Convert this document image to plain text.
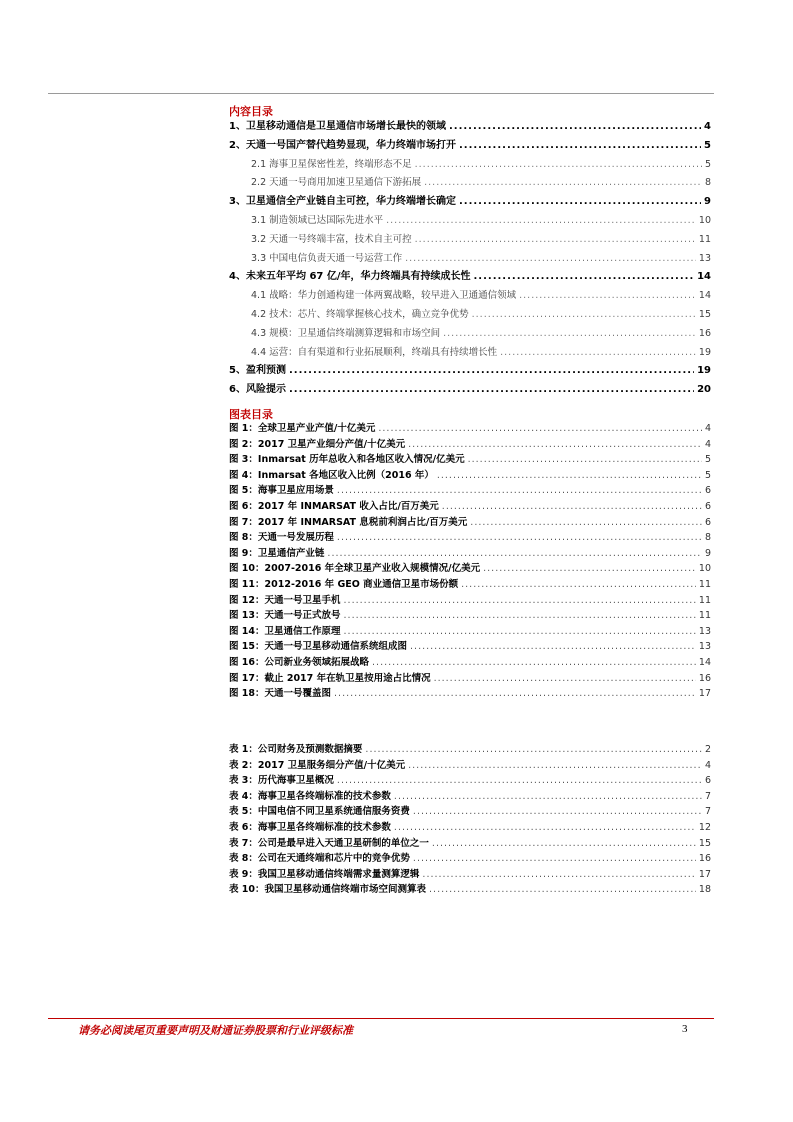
内容目录
1、 卫星移动通信是卫星通信市场增长最快的领域 .....	4
2、 天通一号国产替代趋势显现，华力终端市场打开 .....	5
2.1 海事卫星保密性差，终端形态不足 .....	5
2.2 天通一号商用加速卫星通信下游拓展 .....	8
3、 卫星通信全产业链自主可控，华力终端增长确定 .....	9
3.1 制造领域已达国际先进水平 .....	10
3.2 天通一号终端丰富，技术自主可控 .....	11
3.3 中国电信负责天通一号运营工作 .....	13
4、 未来五年平均 67 亿/年，华力终端具有持续成长性 .....	14
4.1 战略：华力创通构建一体两翼战略，较早进入卫通通信领域 .....	14
4.2 技术：芯片、终端掌握核心技术，确立竞争优势 .....	15
4.3 规模：卫星通信终端测算逻辑和市场空间 .....	16
4.4 运营：自有渠道和行业拓展顺利，终端具有持续增长性 .....	19
5、 盈利预测 .....	19
6、 风险提示 .....	20
图表目录
图 1：全球卫星产业产值/十亿美元 .....	4
图 2：2017 卫星产业细分产值/十亿美元 .....	4
图 3：Inmarsat 历年总收入和各地区收入情况/亿美元 .....	5
图 4：Inmarsat 各地区收入比例（2016 年） .....	5
图 5：海事卫星应用场景 .....	6
图 6：2017 年 INMARSAT 收入占比/百万美元 .....	6
图 7：2017 年 INMARSAT 息税前利润占比/百万美元 .....	6
图 8：天通一号发展历程 .....	8
图 9：卫星通信产业链 .....	9
图 10：2007-2016 年全球卫星产业收入规模情况/亿美元 .....	10
图 11：2012-2016 年 GEO 商业通信卫星市场份额 .....	11
图 12：天通一号卫星手机 .....	11
图 13：天通一号正式放号 .....	11
图 14：卫星通信工作原理 .....	13
图 15：天通一号卫星移动通信系统组成图 .....	13
图 16：公司新业务领域拓展战略 .....	14
图 17：截止 2017 年在轨卫星按用途占比情况 .....	16
图 18：天通一号覆盖图 .....	17
表 1：公司财务及预测数据摘要 .....	2
表 2：2017 卫星服务细分产值/十亿美元 .....	4
表 3：历代海事卫星概况 .....	6
表 4：海事卫星各终端标准的技术参数 .....	7
表 5：中国电信不同卫星系统通信服务资费 .....	7
表 6：海事卫星各终端标准的技术参数 .....	12
表 7：公司是最早进入天通卫星研制的单位之一 .....	15
表 8：公司在天通终端和芯片中的竞争优势 .....	16
表 9：我国卫星移动通信终端需求量测算逻辑 .....	17
表 10：我国卫星移动通信终端市场空间测算表 .....	18
请务必阅读尾页重要声明及财通证券股票和行业评级标准	3
